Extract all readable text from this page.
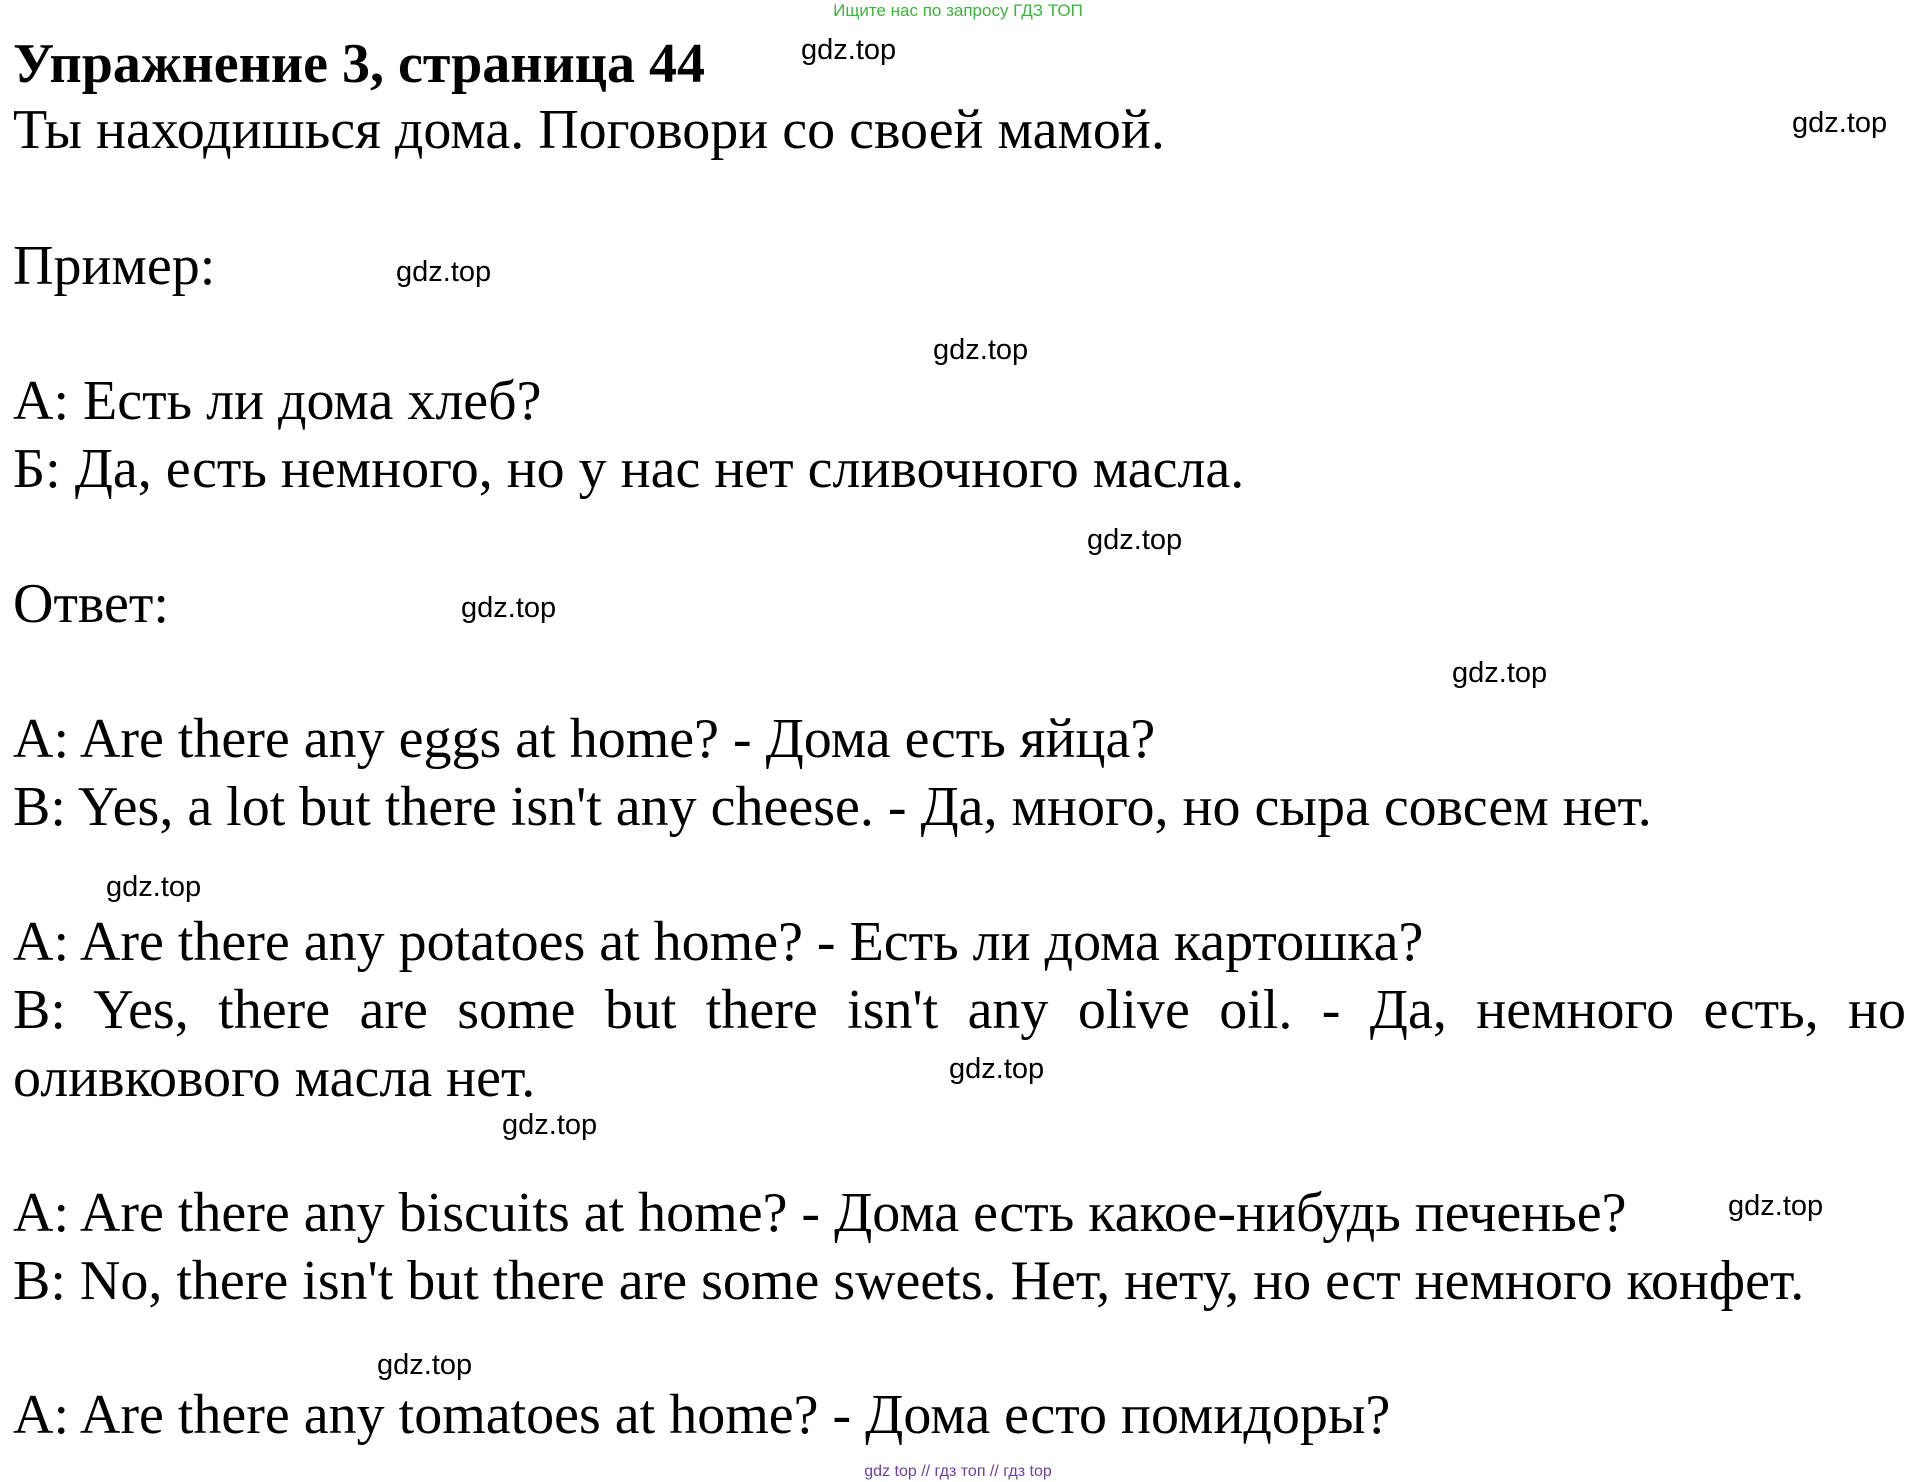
Ищите нас по запросу ГДЗ ТОП
Упражнение 3, страница 44

Ты находишься дома. Поговори со своей мамой.

Пример:

А: Есть ли дома хлеб?

Б: Да, есть немного, но у нас нет сливочного масла.

Ответ:

A: Are there any eggs at home? - Дома есть яйца?

B: Yes, a lot but there isn't any cheese. - Да, много, но сыра совсем нет.

A: Are there any potatoes at home? - Есть ли дома картошка?

B: Yes, there are some but there isn't any olive oil. - Да, немного есть, но оливкового масла нет.

A: Are there any biscuits at home? - Дома есть какое-нибудь печенье?

B: No, there isn't but there are some sweets. Нет, нету, но ест немного конфет.

A: Are there any tomatoes at home? - Дома есто помидоры?

gdz.top
gdz.top
gdz.top
gdz.top
gdz.top
gdz.top
gdz.top
gdz.top
gdz.top
gdz.top
gdz.top
gdz.top
gdz top // гдз топ // гдз top
